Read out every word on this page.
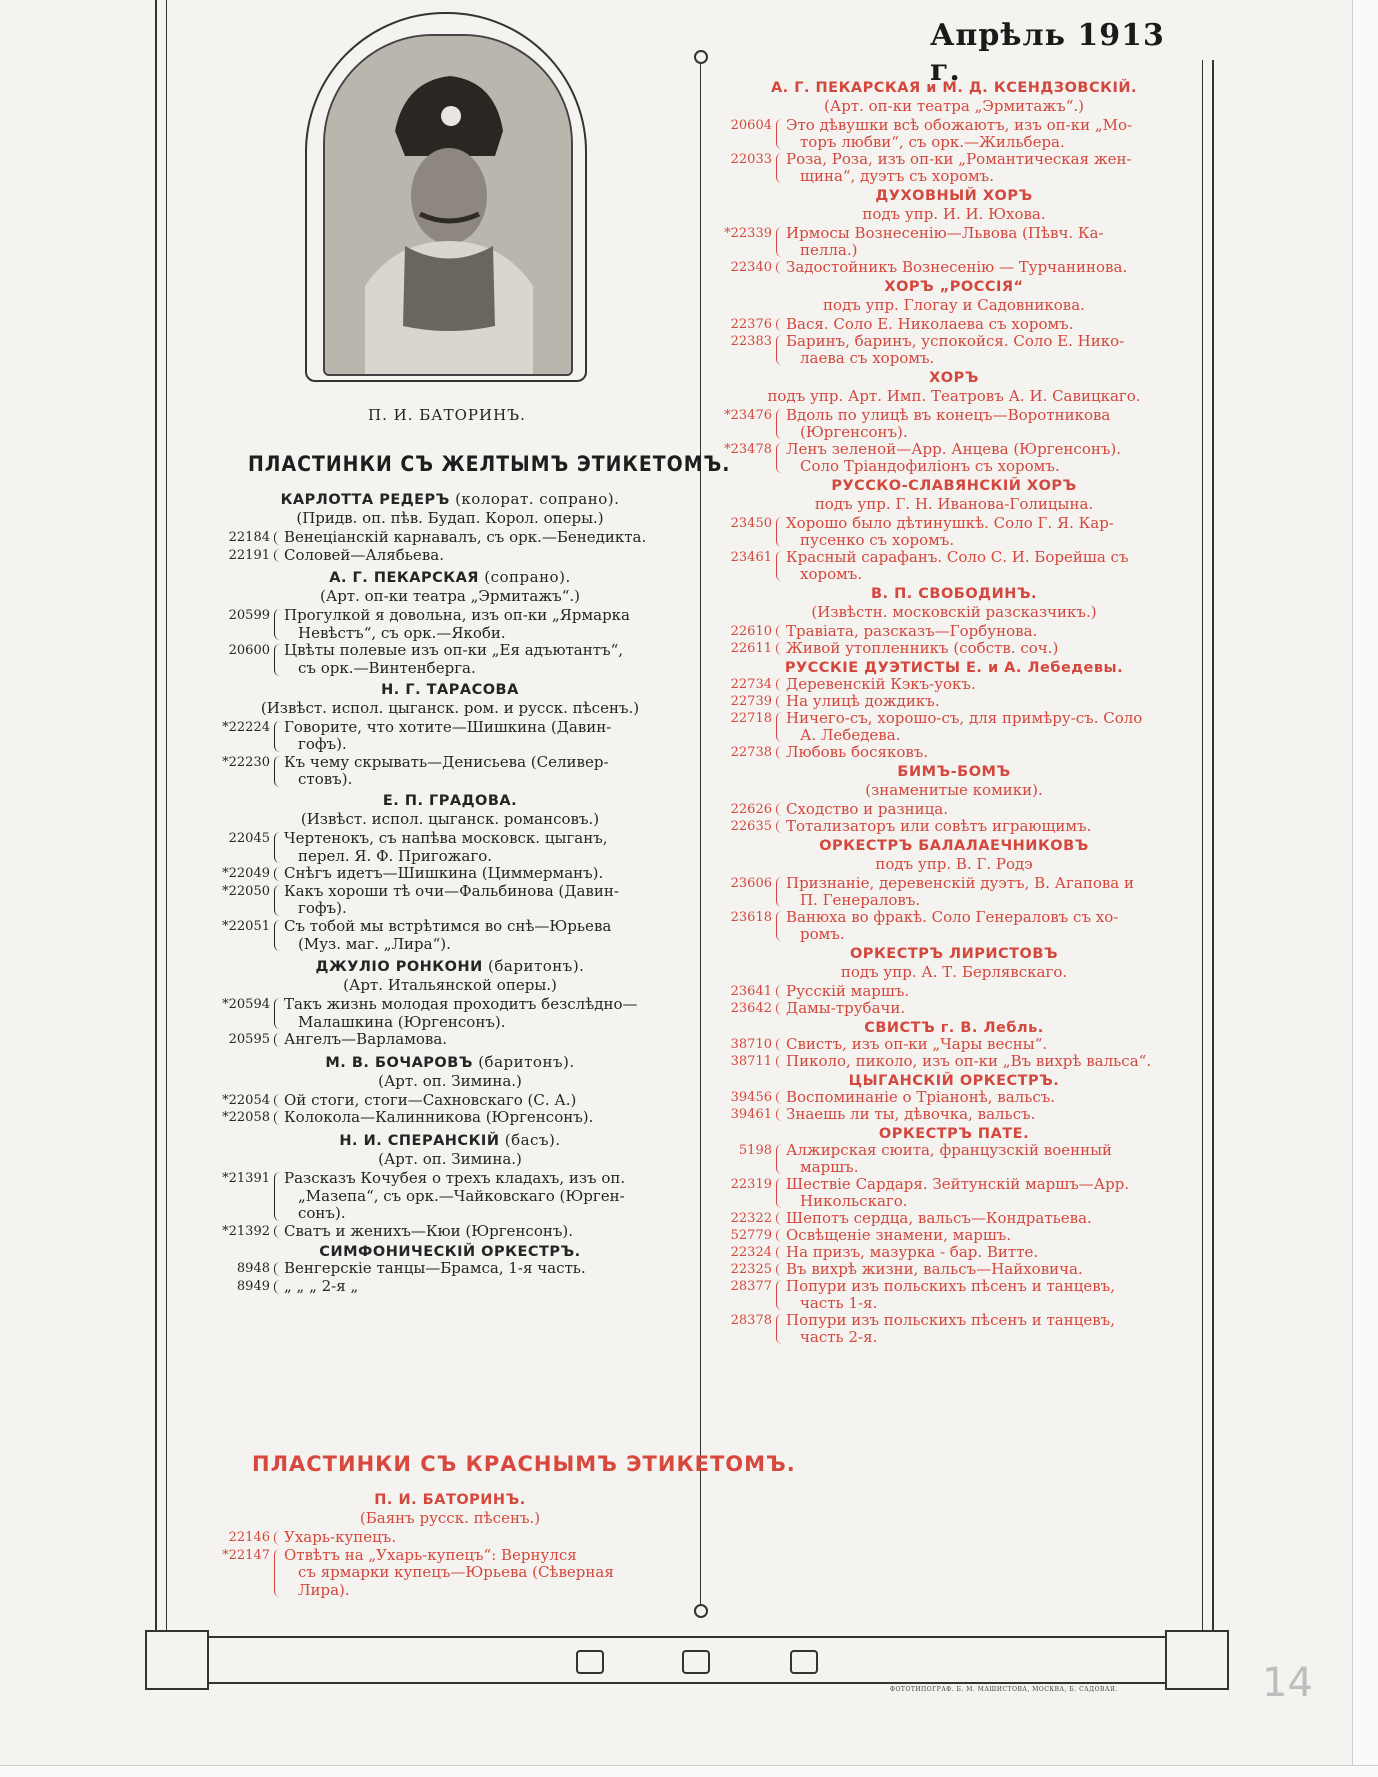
Апрѣль 1913 г.
П. И. БАТОРИНЪ.
ПЛАСТИНКИ СЪ ЖЕЛТЫМЪ ЭТИКЕТОМЪ.
КАРЛОТТА РЕДЕРЪ (колорат. сопрано).
(Придв. оп. пѣв. Будап. Корол. оперы.)
22184 Венеціанскій карнавалъ, съ орк.—Бенедикта.
22191 Соловей—Алябьева.
А. Г. ПЕКАРСКАЯ (сопрано).
(Арт. оп-ки театра „Эрмитажъ“.)
20599 Прогулкой я довольна, изъ оп-ки „Ярмарка
Невѣстъ“, съ орк.—Якоби.
20600 Цвѣты полевые изъ оп-ки „Ея адъютантъ“,
съ орк.—Винтенберга.
Н. Г. ТАРАСОВА
(Извѣст. испол. цыганск. ром. и русск. пѣсенъ.)
*22224 Говорите, что хотите—Шишкина (Давин-
гофъ).
*22230 Къ чему скрывать—Денисьева (Селивер-
стовъ).
Е. П. ГРАДОВА.
(Извѣст. испол. цыганск. романсовъ.)
22045 Чертенокъ, съ напѣва московск. цыганъ,
перел. Я. Ф. Пригожаго.
*22049 Снѣгъ идетъ—Шишкина (Циммерманъ).
*22050 Какъ хороши тѣ очи—Фальбинова (Давин-
гофъ).
*22051 Съ тобой мы встрѣтимся во снѣ—Юрьева
(Муз. маг. „Лира“).
ДЖУЛІО РОНКОНИ (баритонъ).
(Арт. Итальянской оперы.)
*20594 Такъ жизнь молодая проходитъ безслѣдно—
Малашкина (Юргенсонъ).
20595 Ангелъ—Варламова.
М. В. БОЧАРОВЪ (баритонъ).
(Арт. оп. Зимина.)
*22054 Ой стоги, стоги—Сахновскаго (С. А.)
*22058 Колокола—Калинникова (Юргенсонъ).
Н. И. СПЕРАНСКІЙ (басъ).
(Арт. оп. Зимина.)
*21391 Разсказъ Кочубея о трехъ кладахъ, изъ оп.
„Мазепа“, съ орк.—Чайковскаго (Юрген-
сонъ).
*21392 Сватъ и женихъ—Кюи (Юргенсонъ).
СИМФОНИЧЕСКІЙ ОРКЕСТРЪ.
8948 Венгерскіе танцы—Брамса, 1-я часть.
8949 „ „ „ 2-я „
ПЛАСТИНКИ СЪ КРАСНЫМЪ ЭТИКЕТОМЪ.
П. И. БАТОРИНЪ.
(Баянъ русск. пѣсенъ.)
22146 Ухарь-купецъ.
*22147 Отвѣтъ на „Ухарь-купецъ“: Вернулся
съ ярмарки купецъ—Юрьева (Сѣверная
Лира).
А. Г. ПЕКАРСКАЯ и М. Д. КСЕНДЗОВСКІЙ.
(Арт. оп-ки театра „Эрмитажъ“.)
20604 Это дѣвушки всѣ обожаютъ, изъ оп-ки „Мо-
торъ любви“, съ орк.—Жильбера.
22033 Роза, Роза, изъ оп-ки „Романтическая жен-
щина“, дуэтъ съ хоромъ.
ДУХОВНЫЙ ХОРЪ
подъ упр. И. И. Юхова.
*22339 Ирмосы Вознесенію—Львова (Пѣвч. Ка-
пелла.)
22340 Задостойникъ Вознесенію — Турчанинова.
ХОРЪ „РОССІЯ“
подъ упр. Глогау и Садовникова.
22376 Вася. Соло Е. Николаева съ хоромъ.
22383 Баринъ, баринъ, успокойся. Соло Е. Нико-
лаева съ хоромъ.
ХОРЪ
подъ упр. Арт. Имп. Театровъ А. И. Савицкаго.
*23476 Вдоль по улицѣ въ конецъ—Воротникова
(Юргенсонъ).
*23478 Ленъ зеленой—Арр. Анцева (Юргенсонъ).
Соло Тріандофиліонъ съ хоромъ.
РУССКО-СЛАВЯНСКІЙ ХОРЪ
подъ упр. Г. Н. Иванова-Голицына.
23450 Хорошо было дѣтинушкѣ. Соло Г. Я. Кар-
пусенко съ хоромъ.
23461 Красный сарафанъ. Соло С. И. Борейша съ
хоромъ.
В. П. СВОБОДИНЪ.
(Извѣстн. московскій разсказчикъ.)
22610 Травіата, разсказъ—Горбунова.
22611 Живой утопленникъ (собств. соч.)
РУССКІЕ ДУЭТИСТЫ Е. и А. Лебедевы.
22734 Деревенскій Кэкъ-уокъ.
22739 На улицѣ дождикъ.
22718 Ничего-съ, хорошо-съ, для примѣру-съ. Соло
А. Лебедева.
22738 Любовь босяковъ.
БИМЪ-БОМЪ
(знаменитые комики).
22626 Сходство и разница.
22635 Тотализаторъ или совѣтъ играющимъ.
ОРКЕСТРЪ БАЛАЛАЕЧНИКОВЪ
подъ упр. В. Г. Родэ
23606 Признаніе, деревенскій дуэтъ, В. Агапова и
П. Генераловъ.
23618 Ванюха во фракѣ. Соло Генераловъ съ хо-
ромъ.
ОРКЕСТРЪ ЛИРИСТОВЪ
подъ упр. А. Т. Берлявскаго.
23641 Русскій маршъ.
23642 Дамы-трубачи.
СВИСТЪ г. В. Лебль.
38710 Свистъ, изъ оп-ки „Чары весны“.
38711 Пиколо, пиколо, изъ оп-ки „Въ вихрѣ вальса“.
ЦЫГАНСКІЙ ОРКЕСТРЪ.
39456 Воспоминаніе о Тріанонѣ, вальсъ.
39461 Знаешь ли ты, дѣвочка, вальсъ.
ОРКЕСТРЪ ПАТЕ.
5198 Алжирская сюита, французскій военный
маршъ.
22319 Шествіе Сардаря. Зейтунскій маршъ—Арр.
Никольскаго.
22322 Шепотъ сердца, вальсъ—Кондратьева.
52779 Освѣщеніе знамени, маршъ.
22324 На призъ, мазурка - бар. Витте.
22325 Въ вихрѣ жизни, вальсъ—Найховича.
28377 Попури изъ польскихъ пѣсенъ и танцевъ,
часть 1-я.
28378 Попури изъ польскихъ пѣсенъ и танцевъ,
часть 2-я.
ФОТОТИПОГРАФ. Б. М. МАШИСТОВА, МОСКВА, Б. САДОВАЯ.	14
